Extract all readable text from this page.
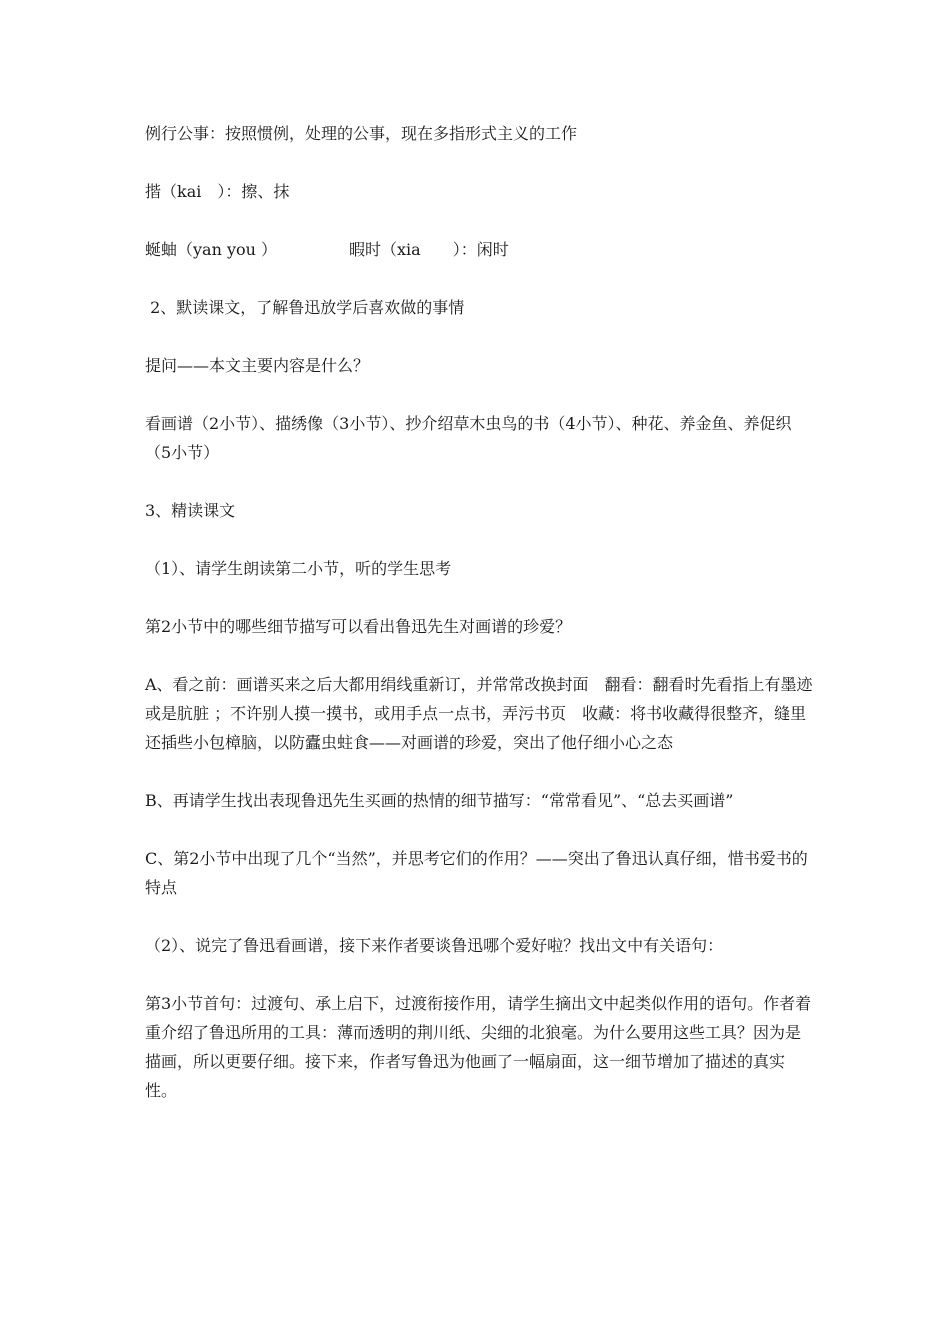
例行公事：按照惯例，处理的公事，现在多指形式主义的工作

揩（kai　）：擦、抹

蜒蚰（yan you ）　　　　　暇时（xia　　）：闲时

2、默读课文，了解鲁迅放学后喜欢做的事情

提问——本文主要内容是什么？

看画谱（2小节）、描绣像（3小节）、抄介绍草木虫鸟的书（4小节）、种花、养金鱼、养促织（5小节）

3、精读课文

（1）、请学生朗读第二小节，听的学生思考

第2小节中的哪些细节描写可以看出鲁迅先生对画谱的珍爱？

A、看之前：画谱买来之后大都用绢线重新订，并常常改换封面　翻看：翻看时先看指上有墨迹或是肮脏 ；不许别人摸一摸书，或用手点一点书，弄污书页　收藏：将书收藏得很整齐，缝里还插些小包樟脑，以防蠹虫蛀食——对画谱的珍爱，突出了他仔细小心之态

B、再请学生找出表现鲁迅先生买画的热情的细节描写：“常常看见”、“总去买画谱”

C、第2小节中出现了几个“当然”，并思考它们的作用？——突出了鲁迅认真仔细，惜书爱书的特点

（2）、说完了鲁迅看画谱，接下来作者要谈鲁迅哪个爱好啦？找出文中有关语句：

第3小节首句：过渡句、承上启下，过渡衔接作用，请学生摘出文中起类似作用的语句。作者着重介绍了鲁迅所用的工具：薄而透明的荆川纸、尖细的北狼毫。为什么要用这些工具？因为是描画，所以更要仔细。接下来，作者写鲁迅为他画了一幅扇面，这一细节增加了描述的真实性。
